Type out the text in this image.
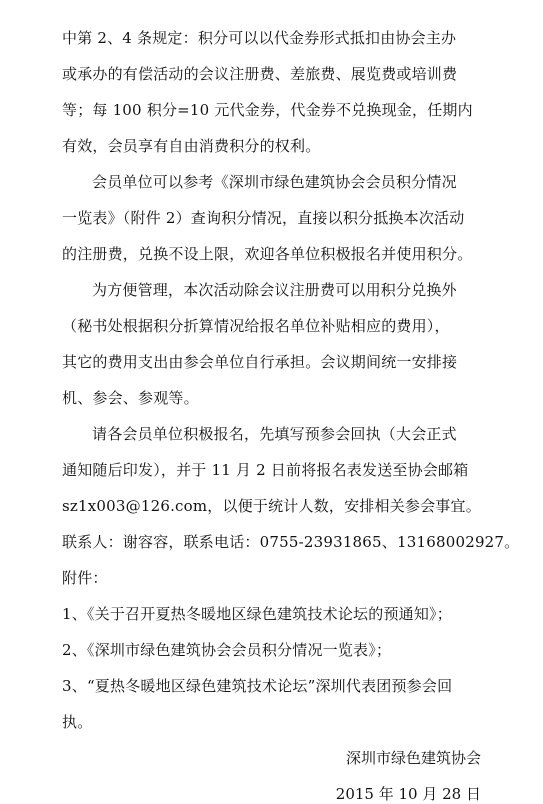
中第 2、4 条规定：积分可以以代金券形式抵扣由协会主办
或承办的有偿活动的会议注册费、差旅费、展览费或培训费
等；每 100 积分=10 元代金券，代金券不兑换现金，任期内
有效，会员享有自由消费积分的权利。
会员单位可以参考《深圳市绿色建筑协会会员积分情况
一览表》（附件 2）查询积分情况，直接以积分抵换本次活动
的注册费，兑换不设上限，欢迎各单位积极报名并使用积分。
为方便管理，本次活动除会议注册费可以用积分兑换外
（秘书处根据积分折算情况给报名单位补贴相应的费用），
其它的费用支出由参会单位自行承担。会议期间统一安排接
机、参会、参观等。
请各会员单位积极报名，先填写预参会回执（大会正式
通知随后印发），并于 11 月 2 日前将报名表发送至协会邮箱
sz1x003@126.com，以便于统计人数，安排相关参会事宜。
联系人：谢容容，联系电话：0755-23931865、13168002927。
附件：
1、《关于召开夏热冬暖地区绿色建筑技术论坛的预通知》；
2、《深圳市绿色建筑协会会员积分情况一览表》；
3、“夏热冬暖地区绿色建筑技术论坛”深圳代表团预参会回
执。
深圳市绿色建筑协会
2015 年 10 月 28 日
